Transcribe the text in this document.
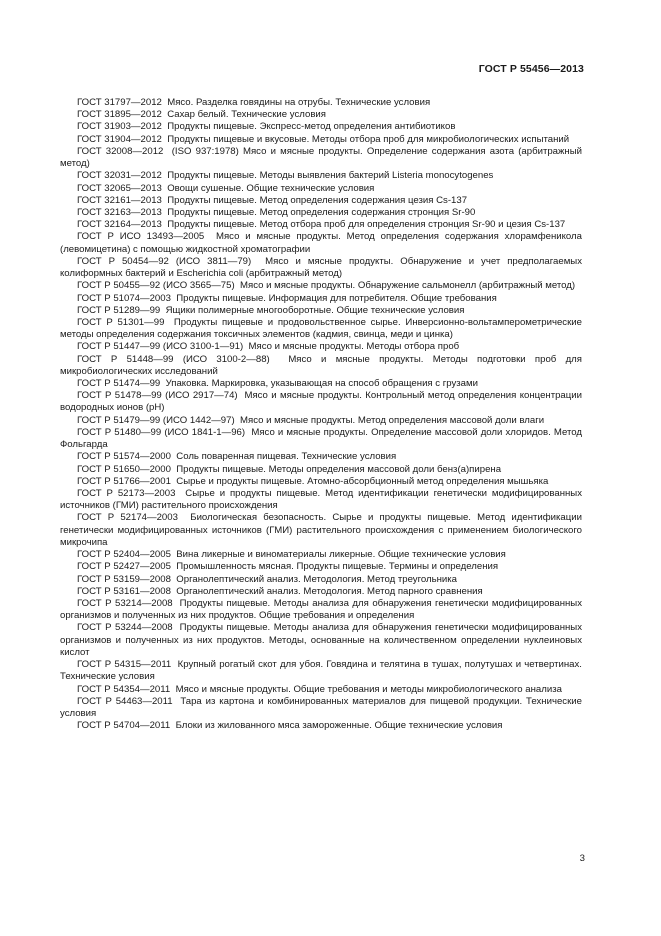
ГОСТ Р 55456—2013
ГОСТ 31797—2012 Мясо. Разделка говядины на отрубы. Технические условия
ГОСТ 31895—2012 Сахар белый. Технические условия
ГОСТ 31903—2012 Продукты пищевые. Экспресс-метод определения антибиотиков
ГОСТ 31904—2012 Продукты пищевые и вкусовые. Методы отбора проб для микробиологических испытаний
ГОСТ 32008—2012 (ISO 937:1978) Мясо и мясные продукты. Определение содержания азота (арбитражный метод)
ГОСТ 32031—2012 Продукты пищевые. Методы выявления бактерий Listeria monocytogenes
ГОСТ 32065—2013 Овощи сушеные. Общие технические условия
ГОСТ 32161—2013 Продукты пищевые. Метод определения содержания цезия Cs-137
ГОСТ 32163—2013 Продукты пищевые. Метод определения содержания стронция Sr-90
ГОСТ 32164—2013 Продукты пищевые. Метод отбора проб для определения стронция Sr-90 и цезия Cs-137
ГОСТ Р ИСО 13493—2005 Мясо и мясные продукты. Метод определения содержания хлорамфеникола (левомицетина) с помощью жидкостной хроматографии
ГОСТ Р 50454—92 (ИСО 3811—79) Мясо и мясные продукты. Обнаружение и учет предполагаемых колиформных бактерий и Escherichia coli (арбитражный метод)
ГОСТ Р 50455—92 (ИСО 3565—75) Мясо и мясные продукты. Обнаружение сальмонелл (арбитражный метод)
ГОСТ Р 51074—2003 Продукты пищевые. Информация для потребителя. Общие требования
ГОСТ Р 51289—99 Ящики полимерные многооборотные. Общие технические условия
ГОСТ Р 51301—99 Продукты пищевые и продовольственное сырье. Инверсионно-вольтамперометрические методы определения содержания токсичных элементов (кадмия, свинца, меди и цинка)
ГОСТ Р 51447—99 (ИСО 3100-1—91) Мясо и мясные продукты. Методы отбора проб
ГОСТ Р 51448—99 (ИСО 3100-2—88) Мясо и мясные продукты. Методы подготовки проб для микробиологических исследований
ГОСТ Р 51474—99 Упаковка. Маркировка, указывающая на способ обращения с грузами
ГОСТ Р 51478—99 (ИСО 2917—74) Мясо и мясные продукты. Контрольный метод определения концентрации водородных ионов (pH)
ГОСТ Р 51479—99 (ИСО 1442—97) Мясо и мясные продукты. Метод определения массовой доли влаги
ГОСТ Р 51480—99 (ИСО 1841-1—96) Мясо и мясные продукты. Определение массовой доли хлоридов. Метод Фольгарда
ГОСТ Р 51574—2000 Соль поваренная пищевая. Технические условия
ГОСТ Р 51650—2000 Продукты пищевые. Методы определения массовой доли бенз(а)пирена
ГОСТ Р 51766—2001 Сырье и продукты пищевые. Атомно-абсорбционный метод определения мышьяка
ГОСТ Р 52173—2003 Сырье и продукты пищевые. Метод идентификации генетически модифицированных источников (ГМИ) растительного происхождения
ГОСТ Р 52174—2003 Биологическая безопасность. Сырье и продукты пищевые. Метод идентификации генетически модифицированных источников (ГМИ) растительного происхождения с применением биологического микрочипа
ГОСТ Р 52404—2005 Вина ликерные и виноматериалы ликерные. Общие технические условия
ГОСТ Р 52427—2005 Промышленность мясная. Продукты пищевые. Термины и определения
ГОСТ Р 53159—2008 Органолептический анализ. Методология. Метод треугольника
ГОСТ Р 53161—2008 Органолептический анализ. Методология. Метод парного сравнения
ГОСТ Р 53214—2008 Продукты пищевые. Методы анализа для обнаружения генетически модифицированных организмов и полученных из них продуктов. Общие требования и определения
ГОСТ Р 53244—2008 Продукты пищевые. Методы анализа для обнаружения генетически модифицированных организмов и полученных из них продуктов. Методы, основанные на количественном определении нуклеиновых кислот
ГОСТ Р 54315—2011 Крупный рогатый скот для убоя. Говядина и телятина в тушах, полутушах и четвертинах. Технические условия
ГОСТ Р 54354—2011 Мясо и мясные продукты. Общие требования и методы микробиологического анализа
ГОСТ Р 54463—2011 Тара из картона и комбинированных материалов для пищевой продукции. Технические условия
ГОСТ Р 54704—2011 Блоки из жилованного мяса замороженные. Общие технические условия
3
